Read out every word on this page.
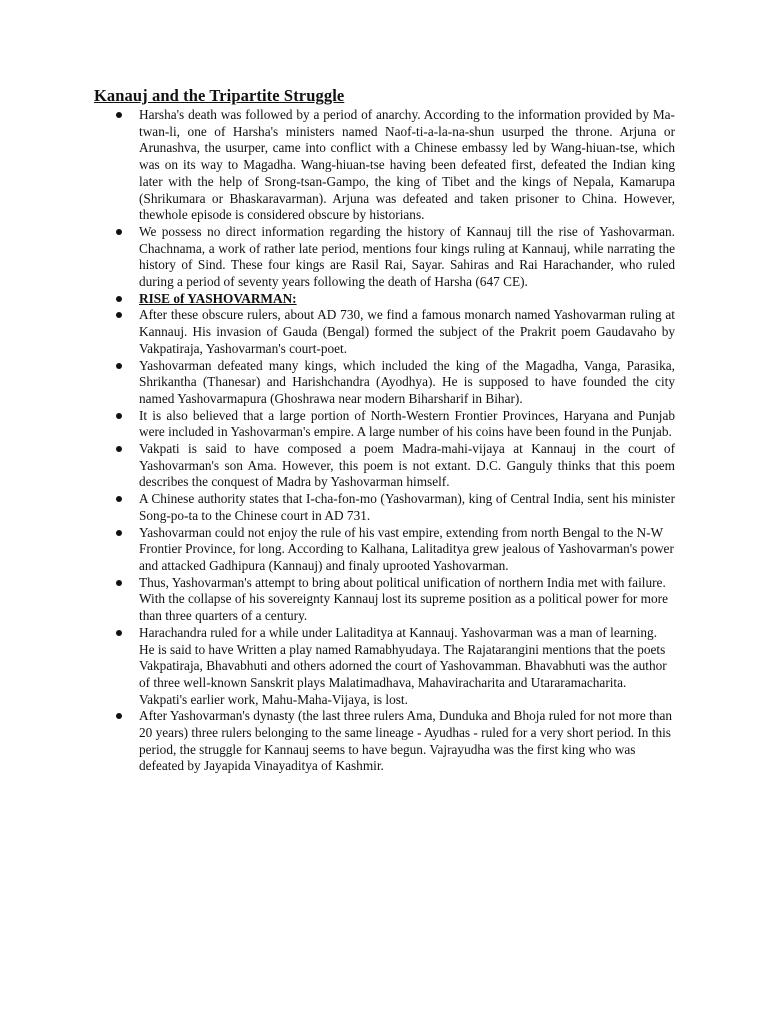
Kanauj and the Tripartite Struggle
Harsha's death was followed by a period of anarchy. According to the information provided by Ma-twan-li, one of Harsha's ministers named Naof-ti-a-la-na-shun usurped the throne. Arjuna or Arunashva, the usurper, came into conflict with a Chinese embassy led by Wang-hiuan-tse, which was on its way to Magadha. Wang-hiuan-tse having been defeated first, defeated the Indian king later with the help of Srong-tsan-Gampo, the king of Tibet and the kings of Nepala, Kamarupa (Shrikumara or Bhaskaravarman). Arjuna was defeated and taken prisoner to China. However, thewhole episode is considered obscure by historians.
We possess no direct information regarding the history of Kannauj till the rise of Yashovarman. Chachnama, a work of rather late period, mentions four kings ruling at Kannauj, while narrating the history of Sind. These four kings are Rasil Rai, Sayar. Sahiras and Rai Harachander, who ruled during a period of seventy years following the death of Harsha (647 CE).
RISE of YASHOVARMAN:
After these obscure rulers, about AD 730, we find a famous monarch named Yashovarman ruling at Kannauj. His invasion of Gauda (Bengal) formed the subject of the Prakrit poem Gaudavaho by Vakpatiraja, Yashovarman's court-poet.
Yashovarman defeated many kings, which included the king of the Magadha, Vanga, Parasika, Shrikantha (Thanesar) and Harishchandra (Ayodhya). He is supposed to have founded the city named Yashovarmapura (Ghoshrawa near modern Biharsharif in Bihar).
It is also believed that a large portion of North-Western Frontier Provinces, Haryana and Punjab were included in Yashovarman's empire. A large number of his coins have been found in the Punjab.
Vakpati is said to have composed a poem Madra-mahi-vijaya at Kannauj in the court of Yashovarman's son Ama. However, this poem is not extant. D.C. Ganguly thinks that this poem describes the conquest of Madra by Yashovarman himself.
A Chinese authority states that I-cha-fon-mo (Yashovarman), king of Central India, sent his minister Song-po-ta to the Chinese court in AD 731.
Yashovarman could not enjoy the rule of his vast empire, extending from north Bengal to the N-W Frontier Province, for long. According to Kalhana, Lalitaditya grew jealous of Yashovarman's power and attacked Gadhipura (Kannauj) and finaly uprooted Yashovarman.
Thus, Yashovarman's attempt to bring about political unification of northern India met with failure. With the collapse of his sovereignty Kannauj lost its supreme position as a political power for more than three quarters of a century.
Harachandra ruled for a while under Lalitaditya at Kannauj. Yashovarman was a man of learning. He is said to have Written a play named Ramabhyudaya. The Rajatarangini mentions that the poets Vakpatiraja, Bhavabhuti and others adorned the court of Yashovamman. Bhavabhuti was the author of three well-known Sanskrit plays Malatimadhava, Mahaviracharita and Utararamacharita. Vakpati's earlier work, Mahu-Maha-Vijaya, is lost.
After Yashovarman's dynasty (the last three rulers Ama, Dunduka and Bhoja ruled for not more than 20 years) three rulers belonging to the same lineage - Ayudhas - ruled for a very short period. In this period, the struggle for Kannauj seems to have begun. Vajrayudha was the first king who was defeated by Jayapida Vinayaditya of Kashmir.
